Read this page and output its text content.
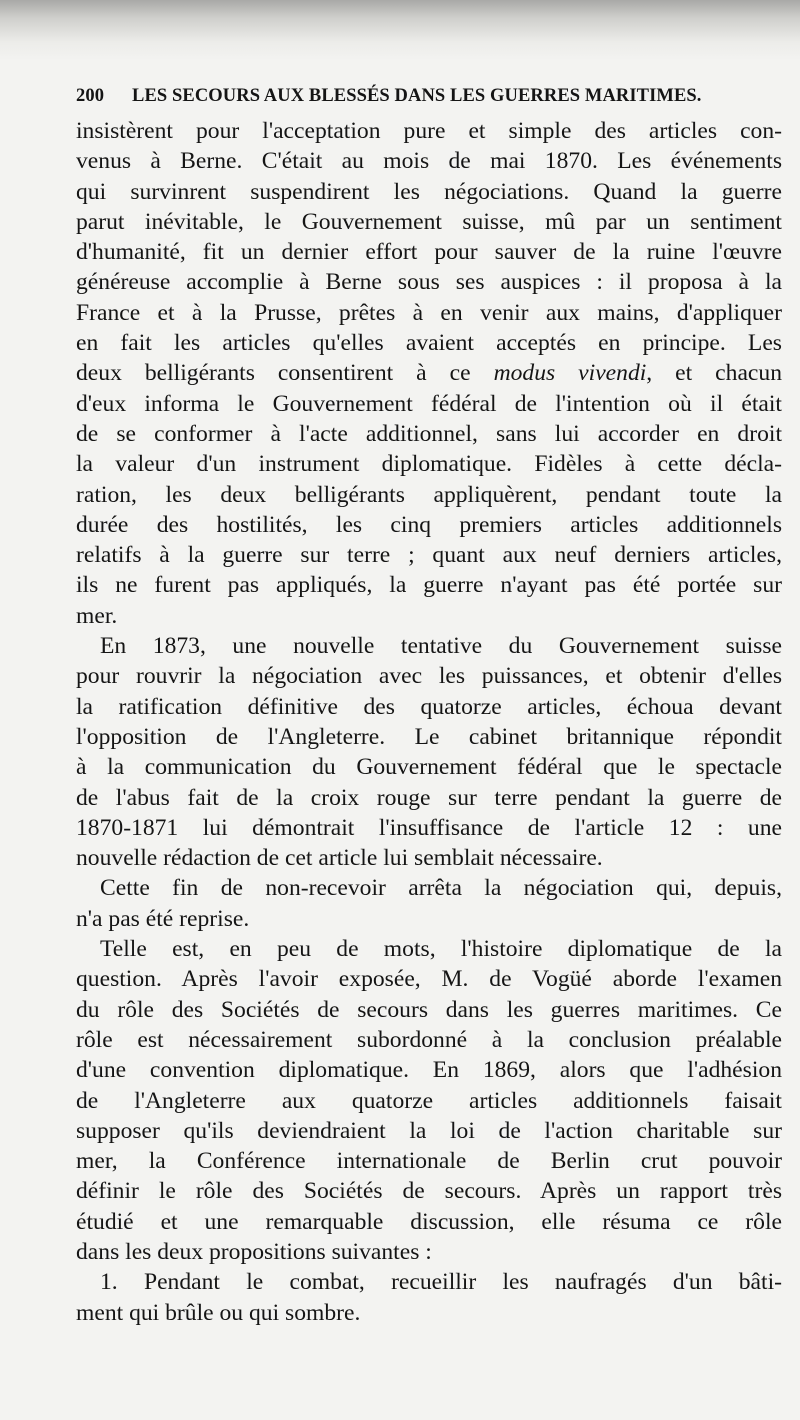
200	LES SECOURS AUX BLESSÉS DANS LES GUERRES MARITIMES.
insistèrent pour l'acceptation pure et simple des articles con-
venus à Berne. C'était au mois de mai 1870. Les événements
qui survinrent suspendirent les négociations. Quand la guerre
parut inévitable, le Gouvernement suisse, mû par un sentiment
d'humanité, fit un dernier effort pour sauver de la ruine l'œuvre
généreuse accomplie à Berne sous ses auspices : il proposa à la
France et à la Prusse, prêtes à en venir aux mains, d'appliquer
en fait les articles qu'elles avaient acceptés en principe. Les
deux belligérants consentirent à ce modus vivendi, et chacun
d'eux informa le Gouvernement fédéral de l'intention où il était
de se conformer à l'acte additionnel, sans lui accorder en droit
la valeur d'un instrument diplomatique. Fidèles à cette décla-
ration, les deux belligérants appliquèrent, pendant toute la
durée des hostilités, les cinq premiers articles additionnels
relatifs à la guerre sur terre ; quant aux neuf derniers articles,
ils ne furent pas appliqués, la guerre n'ayant pas été portée sur
mer.
En 1873, une nouvelle tentative du Gouvernement suisse
pour rouvrir la négociation avec les puissances, et obtenir d'elles
la ratification définitive des quatorze articles, échoua devant
l'opposition de l'Angleterre. Le cabinet britannique répondit
à la communication du Gouvernement fédéral que le spectacle
de l'abus fait de la croix rouge sur terre pendant la guerre de
1870-1871 lui démontrait l'insuffisance de l'article 12 : une
nouvelle rédaction de cet article lui semblait nécessaire.
Cette fin de non-recevoir arrêta la négociation qui, depuis,
n'a pas été reprise.
Telle est, en peu de mots, l'histoire diplomatique de la
question. Après l'avoir exposée, M. de Vogüé aborde l'examen
du rôle des Sociétés de secours dans les guerres maritimes. Ce
rôle est nécessairement subordonné à la conclusion préalable
d'une convention diplomatique. En 1869, alors que l'adhésion
de l'Angleterre aux quatorze articles additionnels faisait
supposer qu'ils deviendraient la loi de l'action charitable sur
mer, la Conférence internationale de Berlin crut pouvoir
définir le rôle des Sociétés de secours. Après un rapport très
étudié et une remarquable discussion, elle résuma ce rôle
dans les deux propositions suivantes :
1. Pendant le combat, recueillir les naufragés d'un bâti-
ment qui brûle ou qui sombre.
